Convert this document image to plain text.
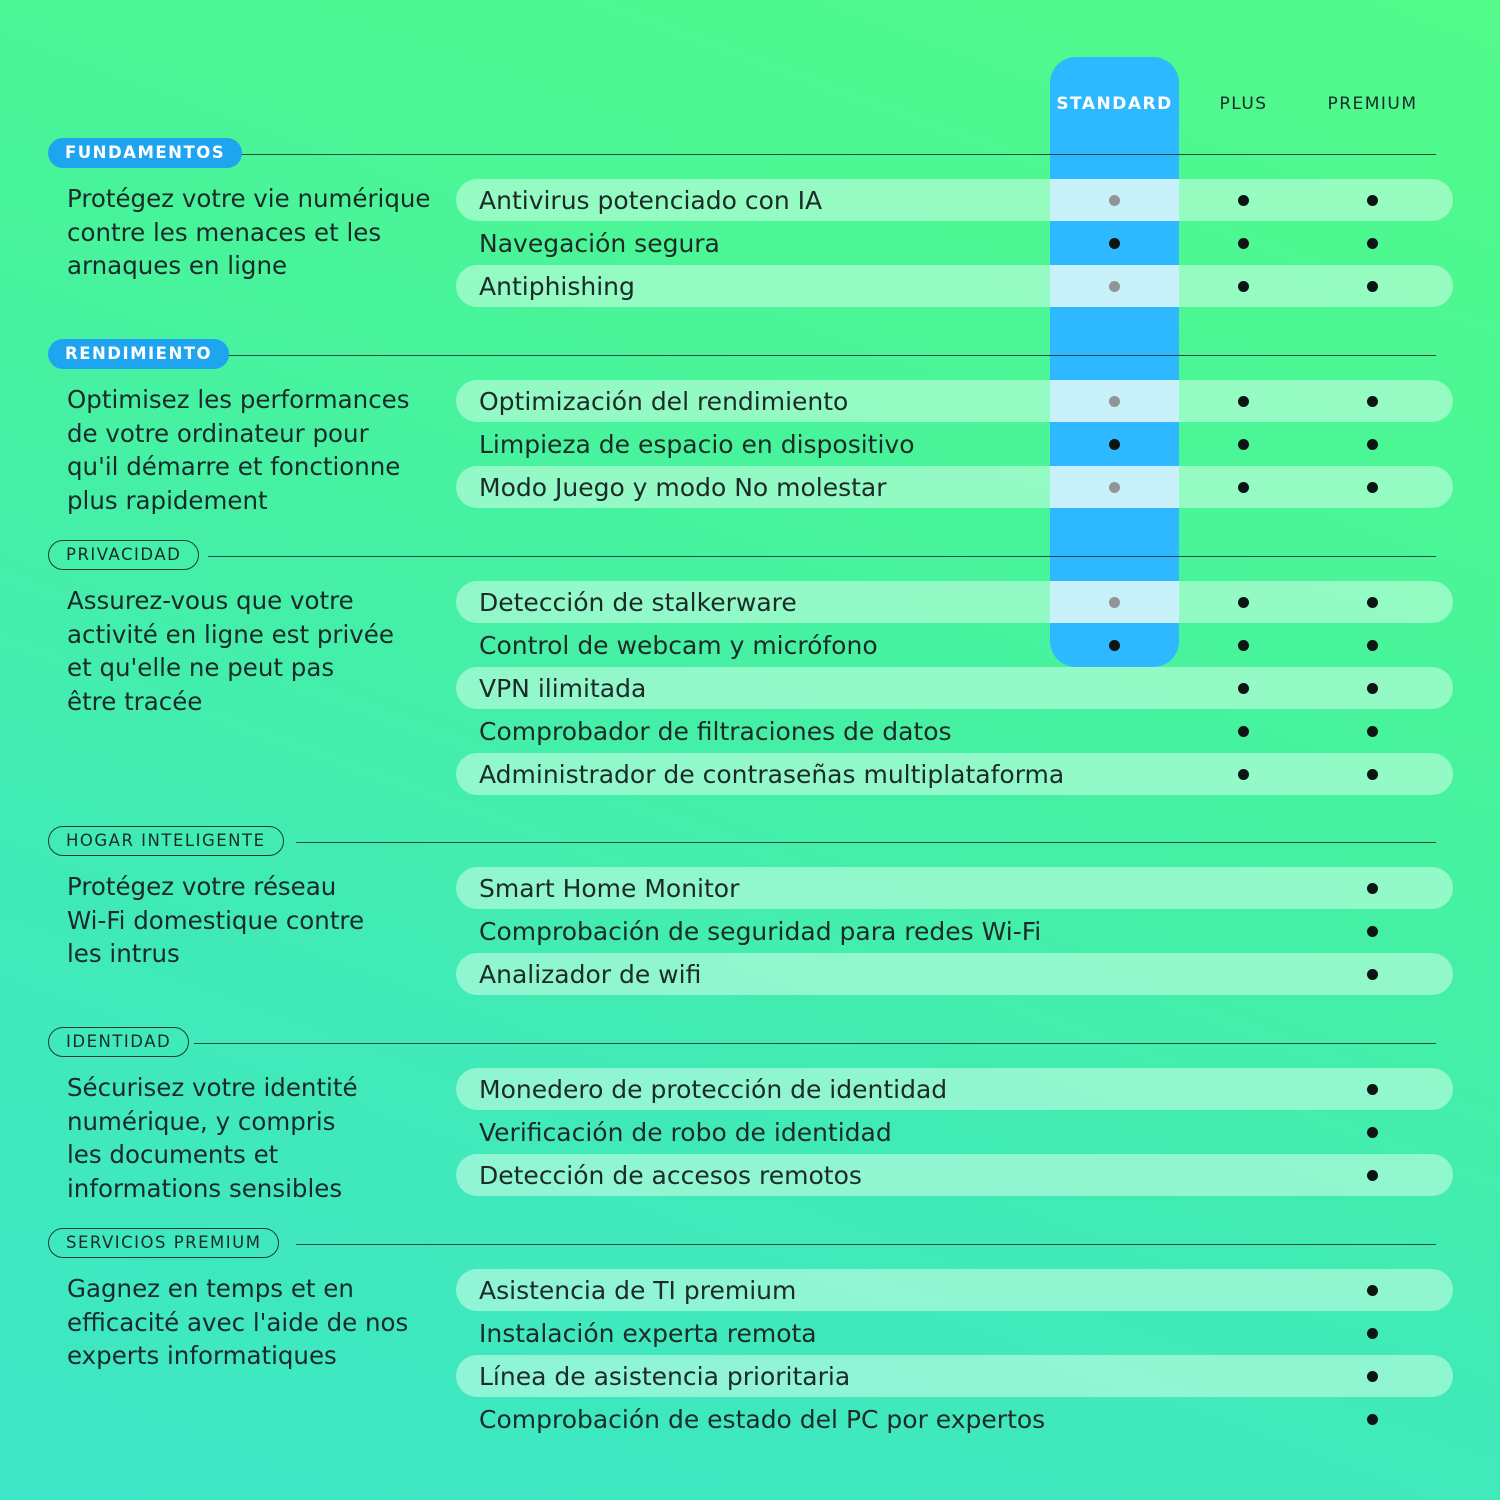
STANDARD	PLUS	PREMIUM
FUNDAMENTOS
Protégez votre vie numérique
contre les menaces et les
arnaques en ligne
Antivirus potenciado con IA
Navegación segura
Antiphishing
RENDIMIENTO
Optimisez les performances
de votre ordinateur pour
qu'il démarre et fonctionne
plus rapidement
Optimización del rendimiento
Limpieza de espacio en dispositivo
Modo Juego y modo No molestar
PRIVACIDAD
Assurez-vous que votre
activité en ligne est privée
et qu'elle ne peut pas
être tracée
Detección de stalkerware
Control de webcam y micrófono
VPN ilimitada
Comprobador de filtraciones de datos
Administrador de contraseñas multiplataforma
HOGAR INTELIGENTE
Protégez votre réseau
Wi-Fi domestique contre
les intrus
Smart Home Monitor
Comprobación de seguridad para redes Wi-Fi
Analizador de wifi
IDENTIDAD
Sécurisez votre identité
numérique, y compris
les documents et
informations sensibles
Monedero de protección de identidad
Verificación de robo de identidad
Detección de accesos remotos
SERVICIOS PREMIUM
Gagnez en temps et en
efficacité avec l'aide de nos
experts informatiques
Asistencia de TI premium
Instalación experta remota
Línea de asistencia prioritaria
Comprobación de estado del PC por expertos
